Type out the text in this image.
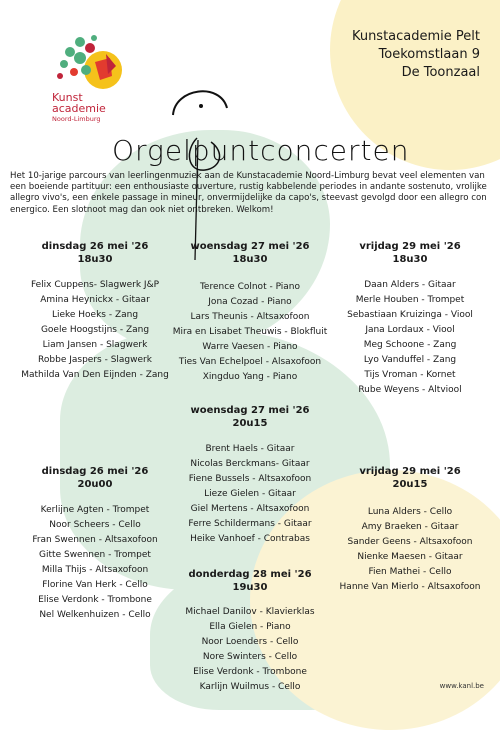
Kunstacademie Pelt
Toekomstlaan 9
De Toonzaal
Kunst
academie
Noord-Limburg
Orgelpuntconcerten
Het 10-jarige parcours van leerlingenmuziek aan de Kunstacademie Noord-Limburg bevat veel elementen van een boeiende partituur: een enthousiaste ouverture, rustig kabbelende periodes in andante sostenuto, vrolijke allegro vivo's, een enkele passage in mineur, onvermijdelijke da capo's, steevast gevolgd door een allegro con energico. Een slotnoot mag dan ook niet ontbreken. Welkom!
dinsdag 26 mei '26
18u30
Felix Cuppens- Slagwerk J&P
Amina Heynickx - Gitaar
Lieke Hoeks - Zang
Goele Hoogstijns - Zang
Liam Jansen - Slagwerk
Robbe Jaspers - Slagwerk
Mathilda Van Den Eijnden - Zang
woensdag 27 mei '26
18u30
Terence Colnot - Piano
Jona Cozad - Piano
Lars Theunis - Altsaxofoon
Mira en Lisabet Theuwis - Blokfluit
Warre Vaesen - Piano
Ties Van Echelpoel - Alsaxofoon
Xingduo Yang - Piano
vrijdag 29 mei '26
18u30
Daan Alders - Gitaar
Merle Houben - Trompet
Sebastiaan Kruizinga - Viool
Jana Lordaux - Viool
Meg Schoone - Zang
Lyo Vanduffel - Zang
Tijs Vroman - Kornet
Rube Weyens - Altviool
woensdag 27 mei '26
20u15
Brent Haels - Gitaar
Nicolas Berckmans- Gitaar
Fiene Bussels - Altsaxofoon
Lieze Gielen - Gitaar
Giel Mertens - Altsaxofoon
Ferre Schildermans - Gitaar
Heike Vanhoef - Contrabas
dinsdag 26 mei '26
20u00
Kerlijne Agten - Trompet
Noor Scheers - Cello
Fran Swennen - Altsaxofoon
Gitte Swennen - Trompet
Milla Thijs - Altsaxofoon
Florine Van Herk - Cello
Elise Verdonk - Trombone
Nel Welkenhuizen - Cello
vrijdag 29 mei '26
20u15
Luna Alders - Cello
Amy Braeken - Gitaar
Sander Geens - Altsaxofoon
Nienke Maesen - Gitaar
Fien Mathei - Cello
Hanne Van Mierlo - Altsaxofoon
donderdag 28 mei '26
19u30
Michael Danilov - Klavierklas
Ella Gielen - Piano
Noor Loenders - Cello
Nore Swinters - Cello
Elise Verdonk - Trombone
Karlijn Wuilmus - Cello	www.kanl.be
